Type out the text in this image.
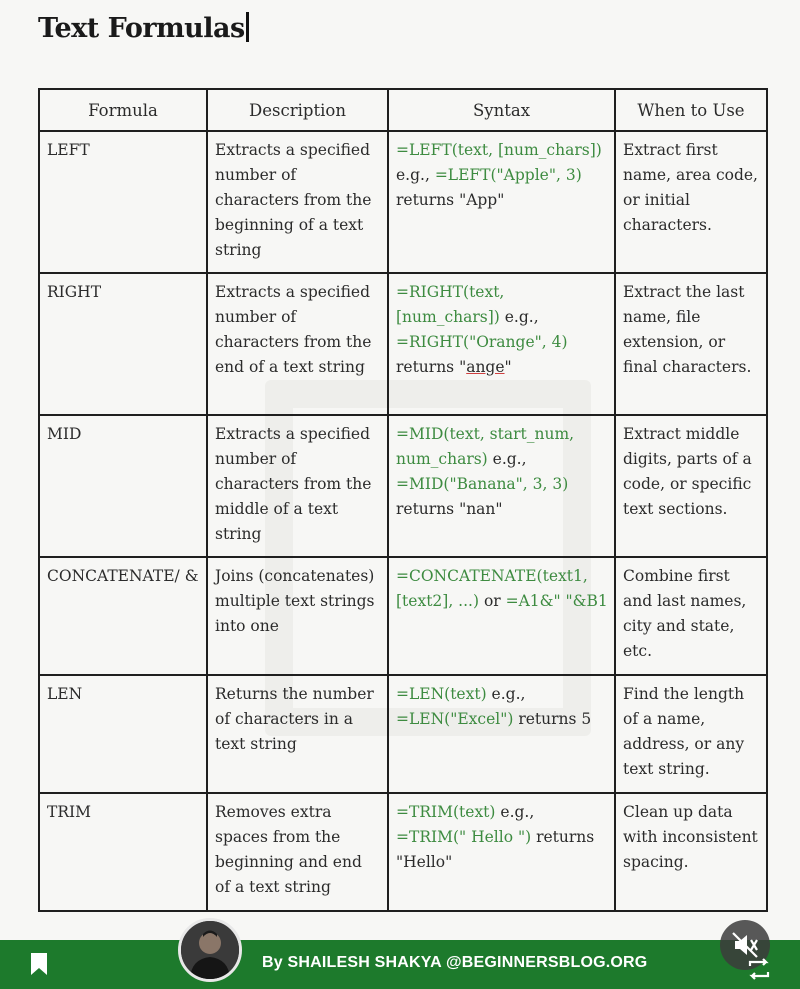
Text Formulas
Formula	Description	Syntax	When to Use
LEFT	Extracts a specified number of characters from the beginning of a text string	=LEFT(text, [num_chars]) e.g., =LEFT("Apple", 3) returns "App"	Extract first name, area code, or initial characters.
RIGHT	Extracts a specified number of characters from the end of a text string	=RIGHT(text, [num_chars]) e.g., =RIGHT("Orange", 4) returns "ange"	Extract the last name, file extension, or final characters.
MID	Extracts a specified number of characters from the middle of a text string	=MID(text, start_num, num_chars) e.g., =MID("Banana", 3, 3) returns "nan"	Extract middle digits, parts of a code, or specific text sections.
CONCATENATE/ &	Joins (concatenates) multiple text strings into one	=CONCATENATE(text1, [text2], ...) or =A1&" "&B1	Combine first and last names, city and state, etc.
LEN	Returns the number of characters in a text string	=LEN(text) e.g., =LEN("Excel") returns 5	Find the length of a name, address, or any text string.
TRIM	Removes extra spaces from the beginning and end of a text string	=TRIM(text) e.g., =TRIM(" Hello ") returns "Hello"	Clean up data with inconsistent spacing.
By SHAILESH SHAKYA @BEGINNERSBLOG.ORG
